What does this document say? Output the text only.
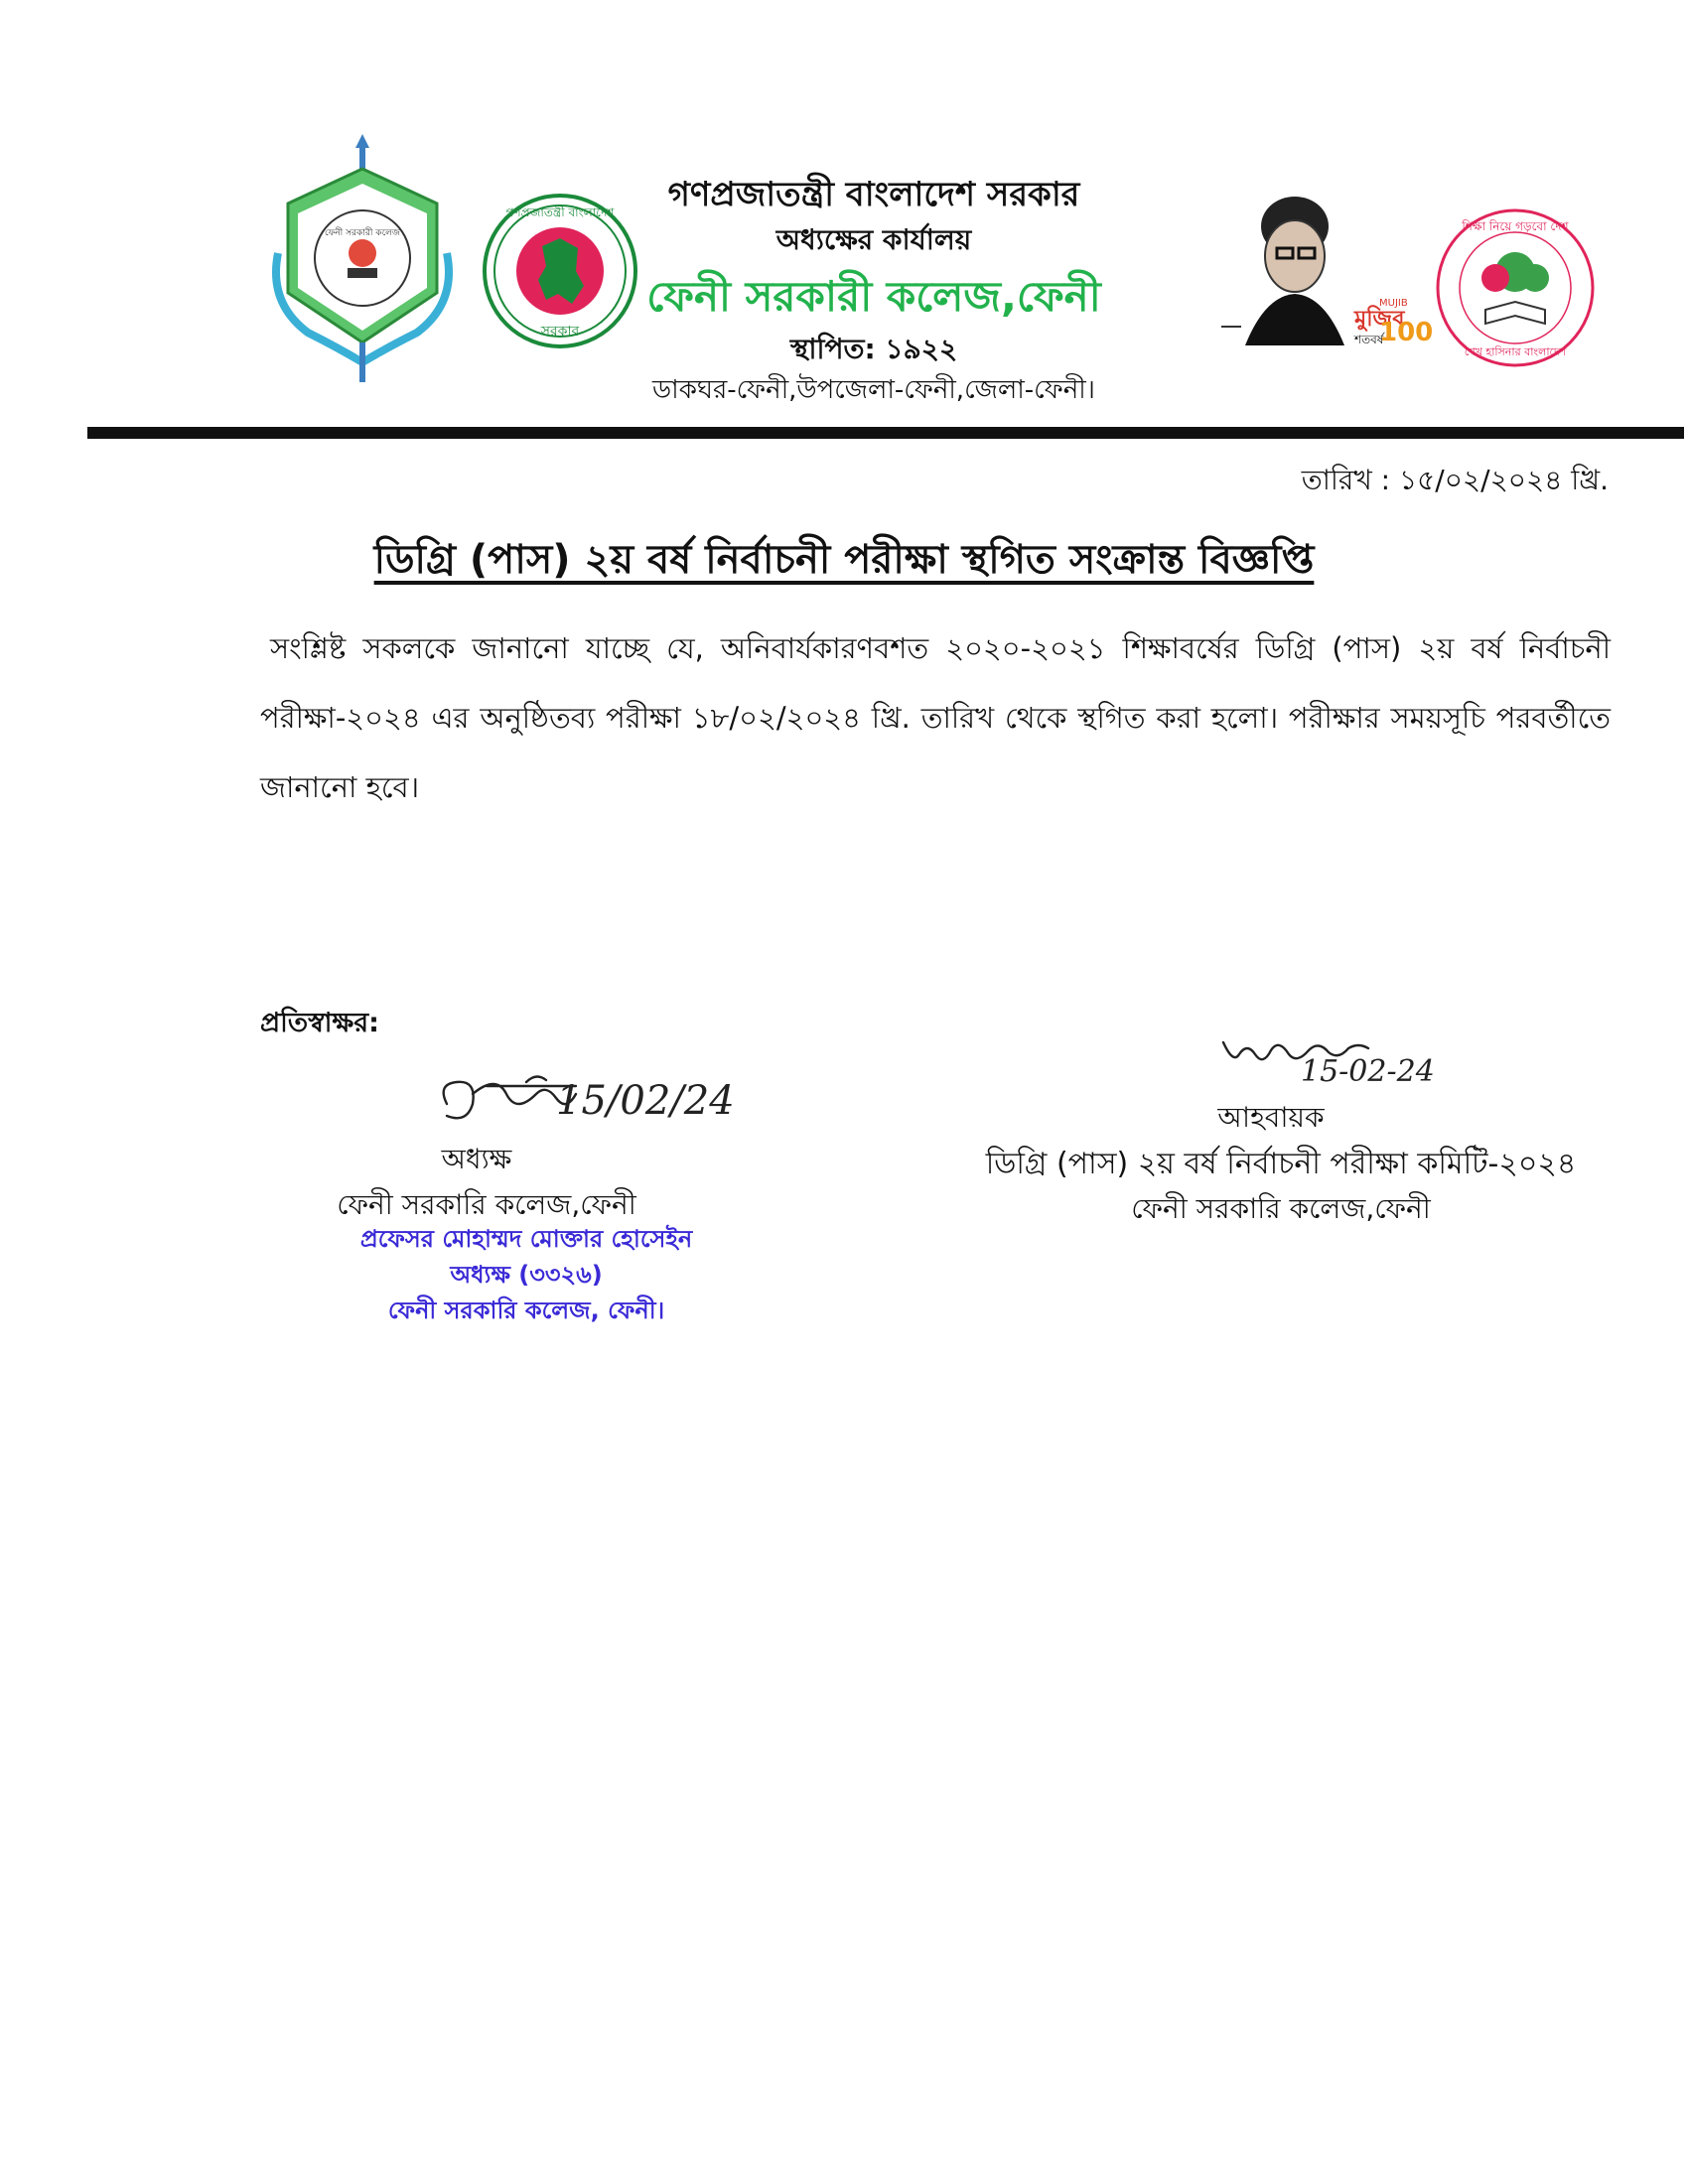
ফেনী সরকারী কলেজ
গণপ্রজাতন্ত্রী বাংলাদেশ
সরকার	মুজিব
শতবর্ষ
MUJIB
100
শিক্ষা নিয়ে গড়বো দেশ
শেখ হাসিনার বাংলাদেশ
গণপ্রজাতন্ত্রী বাংলাদেশ সরকার
অধ্যক্ষের কার্যালয়
ফেনী সরকারী কলেজ,ফেনী
স্থাপিত: ১৯২২
ডাকঘর-ফেনী,উপজেলা-ফেনী,জেলা-ফেনী।
তারিখ : ১৫/০২/২০২৪ খ্রি.
ডিগ্রি (পাস) ২য় বর্ষ নির্বাচনী পরীক্ষা স্থগিত সংক্রান্ত বিজ্ঞপ্তি
সংশ্লিষ্ট সকলকে জানানো যাচ্ছে যে, অনিবার্যকারণবশত ২০২০-২০২১ শিক্ষাবর্ষের ডিগ্রি (পাস) ২য় বর্ষ নির্বাচনী পরীক্ষা-২০২৪ এর অনুষ্ঠিতব্য পরীক্ষা ১৮/০২/২০২৪ খ্রি. তারিখ থেকে স্থগিত করা হলো। পরীক্ষার সময়সূচি পরবর্তীতে জানানো হবে।
প্রতিস্বাক্ষর:
15/02/24
অধ্যক্ষ
ফেনী সরকারি কলেজ,ফেনী
প্রফেসর মোহাম্মদ মোক্তার হোসেইন
অধ্যক্ষ (৩৩২৬)
ফেনী সরকারি কলেজ, ফেনী।
15-02-24
আহবায়ক
ডিগ্রি (পাস) ২য় বর্ষ নির্বাচনী পরীক্ষা কমিটি-২০২৪
ফেনী সরকারি কলেজ,ফেনী
